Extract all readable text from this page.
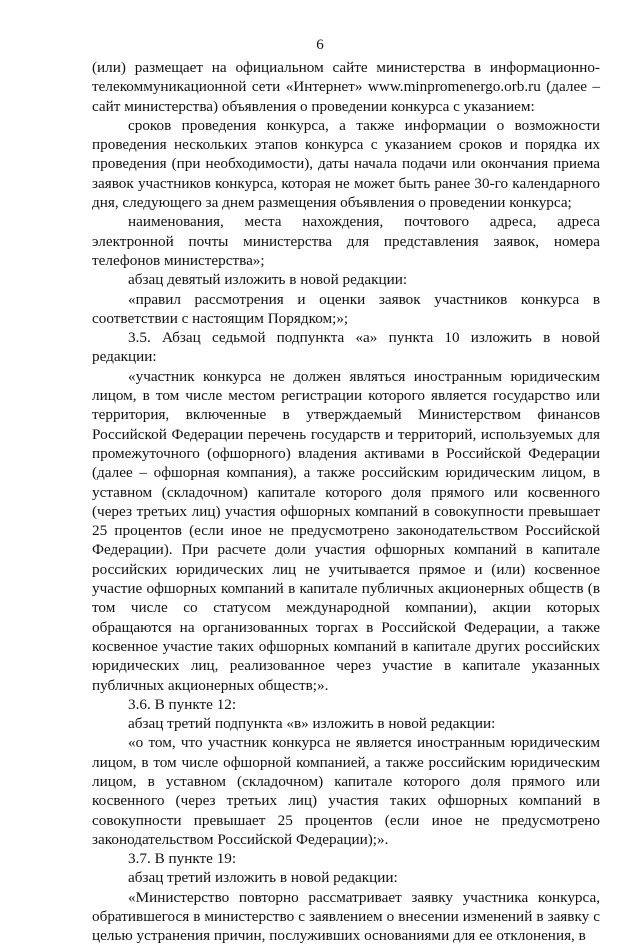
6

(или) размещает на официальном сайте министерства в информационно-телекоммуникационной сети «Интернет» www.minpromenergo.orb.ru (далее – сайт министерства) объявления о проведении конкурса с указанием:

сроков проведения конкурса, а также информации о возможности проведения нескольких этапов конкурса с указанием сроков и порядка их проведения (при необходимости), даты начала подачи или окончания приема заявок участников конкурса, которая не может быть ранее 30-го календарного дня, следующего за днем размещения объявления о проведении конкурса;

наименования, места нахождения, почтового адреса, адреса электронной почты министерства для представления заявок, номера телефонов министерства»;

абзац девятый изложить в новой редакции:

«правил рассмотрения и оценки заявок участников конкурса в соответствии с настоящим Порядком;»;

3.5. Абзац седьмой подпункта «а» пункта 10 изложить в новой редакции:

«участник конкурса не должен являться иностранным юридическим лицом, в том числе местом регистрации которого является государство или территория, включенные в утверждаемый Министерством финансов Российской Федерации перечень государств и территорий, используемых для промежуточного (офшорного) владения активами в Российской Федерации (далее – офшорная компания), а также российским юридическим лицом, в уставном (складочном) капитале которого доля прямого или косвенного (через третьих лиц) участия офшорных компаний в совокупности превышает 25 процентов (если иное не предусмотрено законодательством Российской Федерации). При расчете доли участия офшорных компаний в капитале российских юридических лиц не учитывается прямое и (или) косвенное участие офшорных компаний в капитале публичных акционерных обществ (в том числе со статусом международной компании), акции которых обращаются на организованных торгах в Российской Федерации, а также косвенное участие таких офшорных компаний в капитале других российских юридических лиц, реализованное через участие в капитале указанных публичных акционерных обществ;».

3.6. В пункте 12:

абзац третий подпункта «в» изложить в новой редакции:

«о том, что участник конкурса не является иностранным юридическим лицом, в том числе офшорной компанией, а также российским юридическим лицом, в уставном (складочном) капитале которого доля прямого или косвенного (через третьих лиц) участия таких офшорных компаний в совокупности превышает 25 процентов (если иное не предусмотрено законодательством Российской Федерации);».

3.7. В пункте 19:

абзац третий изложить в новой редакции:

«Министерство повторно рассматривает заявку участника конкурса, обратившегося в министерство с заявлением о внесении изменений в заявку с целью устранения причин, послуживших основаниями для ее отклонения, в
